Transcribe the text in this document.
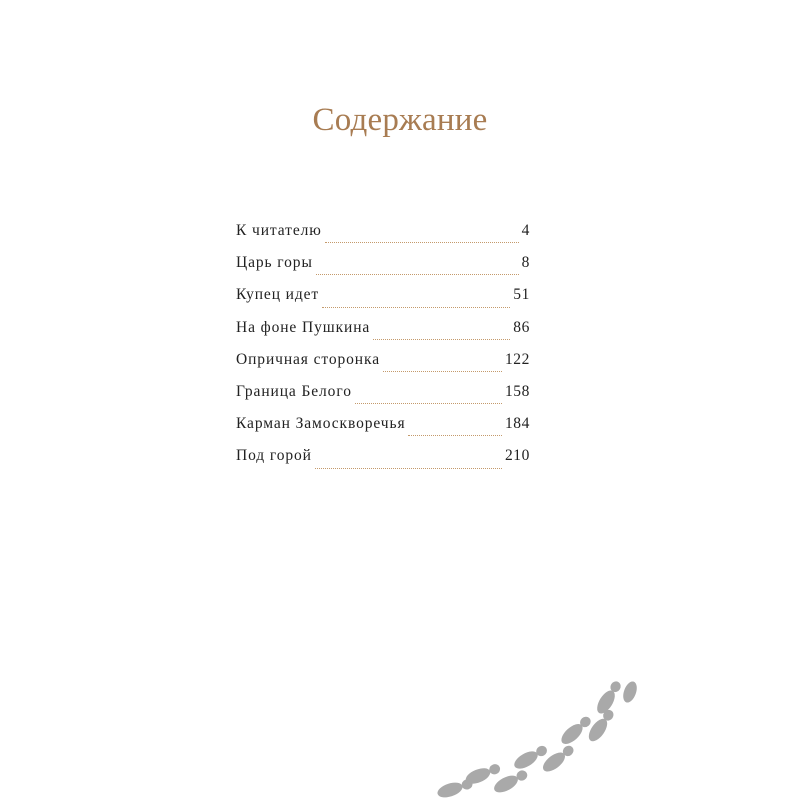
Содержание
К читателю	4
Царь горы	8
Купец идет	51
На фоне Пушкина	86
Опричная сторонка	122
Граница Белого	158
Карман Замоскворечья	184
Под горой	210
